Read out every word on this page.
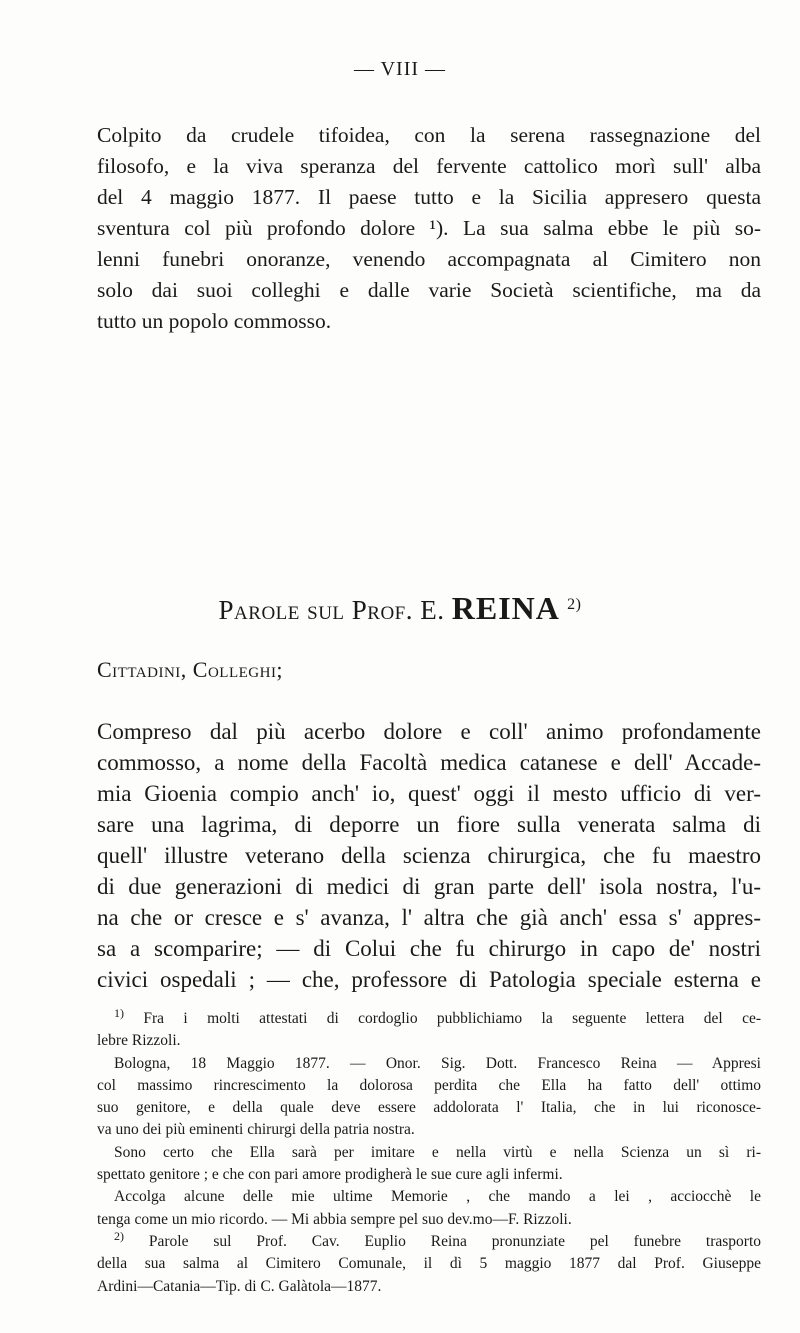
— VIII —
Colpito da crudele tifoidea, con la serena rassegnazione del
filosofo, e la viva speranza del fervente cattolico morì sull' alba
del 4 maggio 1877. Il paese tutto e la Sicilia appresero questa
sventura col più profondo dolore ¹). La sua salma ebbe le più so-
lenni funebri onoranze, venendo accompagnata al Cimitero non
solo dai suoi colleghi e dalle varie Società scientifiche, ma da
tutto un popolo commosso.
Parole sul Prof. E. REINA $^{2)}$
Cittadini, Colleghi;
Compreso dal più acerbo dolore e coll' animo profondamente
commosso, a nome della Facoltà medica catanese e dell' Accade-
mia Gioenia compio anch' io, quest' oggi il mesto ufficio di ver-
sare una lagrima, di deporre un fiore sulla venerata salma di
quell' illustre veterano della scienza chirurgica, che fu maestro
di due generazioni di medici di gran parte dell' isola nostra, l'u-
na che or cresce e s' avanza, l' altra che già anch' essa s' appres-
sa a scomparire; — di Colui che fu chirurgo in capo de' nostri
civici ospedali ; — che, professore di Patologia speciale esterna e
$^{1)}$ Fra i molti attestati di cordoglio pubblichiamo la seguente lettera del ce-
lebre Rizzoli.
Bologna, 18 Maggio 1877. — Onor. Sig. Dott. Francesco Reina — Appresi
col massimo rincrescimento la dolorosa perdita che Ella ha fatto dell' ottimo
suo genitore, e della quale deve essere addolorata l' Italia, che in lui riconosce-
va uno dei più eminenti chirurgi della patria nostra.
Sono certo che Ella sarà per imitare e nella virtù e nella Scienza un sì ri-
spettato genitore ; e che con pari amore prodigherà le sue cure agli infermi.
Accolga alcune delle mie ultime Memorie , che mando a lei , acciocchè le
tenga come un mio ricordo. — Mi abbia sempre pel suo dev.mo—F. Rizzoli.
$^{2)}$ Parole sul Prof. Cav. Euplio Reina pronunziate pel funebre trasporto
della sua salma al Cimitero Comunale, il dì 5 maggio 1877 dal Prof. Giuseppe
Ardini—Catania—Tip. di C. Galàtola—1877.
